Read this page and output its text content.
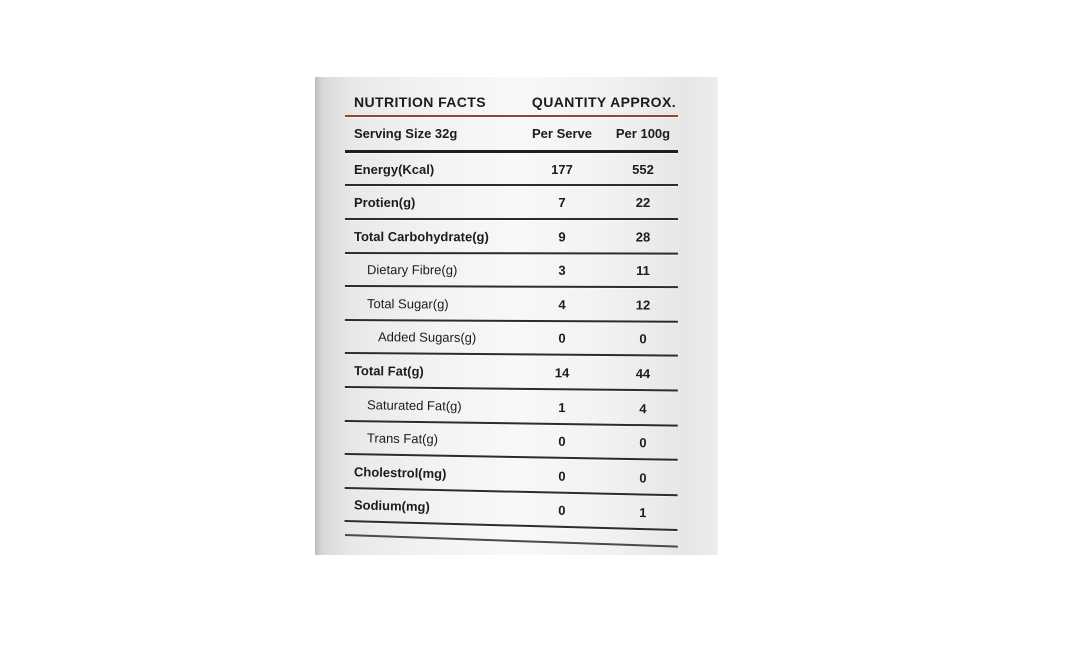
NUTRITION FACTS	QUANTITY APPROX.
Serving Size 32g	Per Serve	Per 100g
Energy(Kcal)	177	552
Protien(g)	7	22
Total Carbohydrate(g)	9	28
Dietary Fibre(g)	3	11
Total Sugar(g)	4	12
Added Sugars(g)	0	0
Total Fat(g)	14	44
Saturated Fat(g)	1	4
Trans Fat(g)	0	0
Cholestrol(mg)	0	0
Sodium(mg)	0	1
